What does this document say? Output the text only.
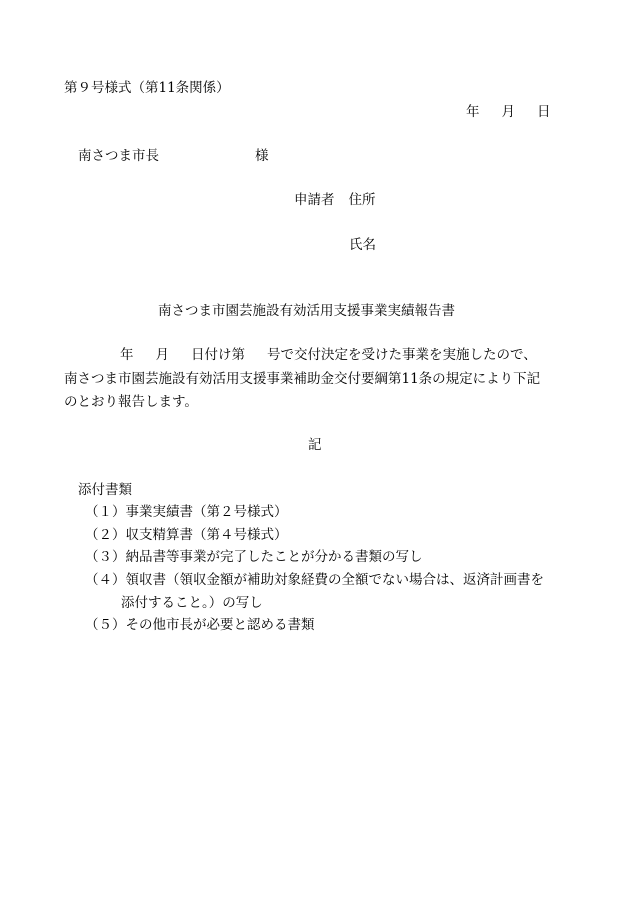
第９号様式（第11条関係）
年 月 日
南さつま市長	様
申請者 住所
氏名
南さつま市園芸施設有効活用支援事業実績報告書
年 月 日付け第 号で交付決定を受けた事業を実施したので、
南さつま市園芸施設有効活用支援事業補助金交付要綱第11条の規定により下記
のとおり報告します。
記
添付書類
（１）事業実績書（第２号様式）
（２）収支精算書（第４号様式）
（３）納品書等事業が完了したことが分かる書類の写し
（４）領収書（領収金額が補助対象経費の全額でない場合は、返済計画書を
添付すること。）の写し
（５）その他市長が必要と認める書類
